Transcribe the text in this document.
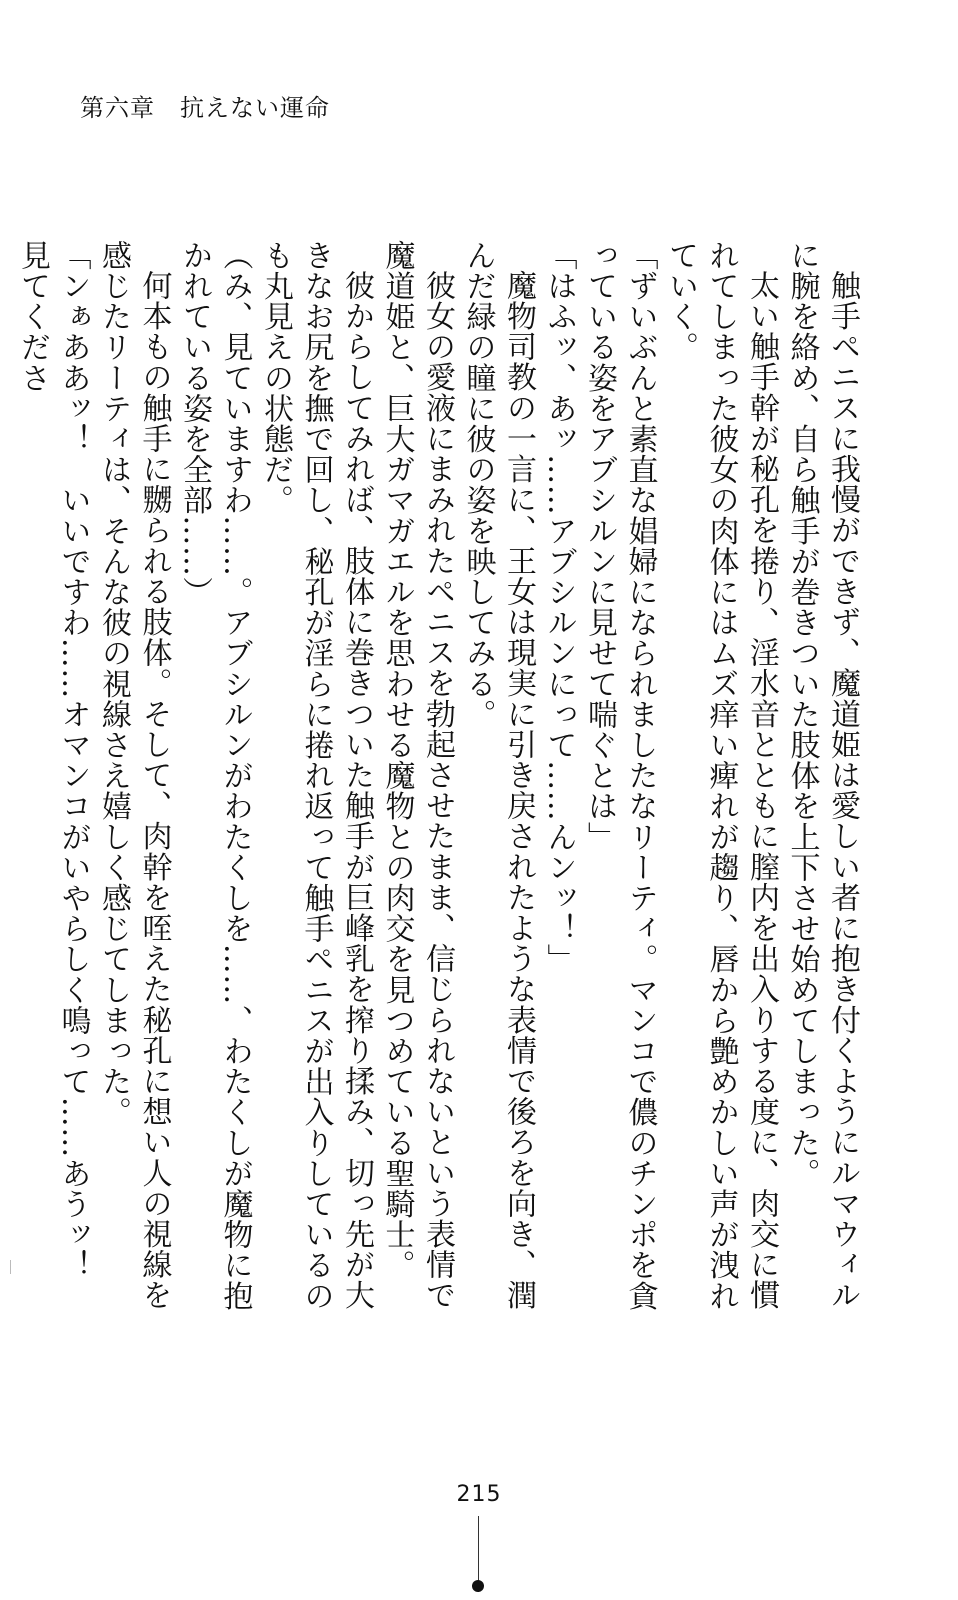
第六章　抗えない運命

触手ペニスに我慢ができず、魔道姫は愛しい者に抱き付くようにルマウィルに腕を絡め、自ら触手が巻きついた肢体を上下させ始めてしまった。

太い触手幹が秘孔を捲り、淫水音とともに膣内を出入りする度に、肉交に慣れてしまった彼女の肉体にはムズ痒い痺れが趨り、唇から艶めかしい声が洩れていく。

「ずいぶんと素直な娼婦になられましたなリーティ。マンコで儂のチンポを貪っている姿をアブシルンに見せて喘ぐとは」

「はふッ、あッ……アブシルンにって……んンッ！」

魔物司教の一言に、王女は現実に引き戻されたような表情で後ろを向き、潤んだ緑の瞳に彼の姿を映してみる。

彼女の愛液にまみれたペニスを勃起させたまま、信じられないという表情で魔道姫と、巨大ガマガエルを思わせる魔物との肉交を見つめている聖騎士。

彼からしてみれば、肢体に巻きついた触手が巨峰乳を搾り揉み、切っ先が大きなお尻を撫で回し、秘孔が淫らに捲れ返って触手ペニスが出入りしているのも丸見えの状態だ。

（み、見ていますわ……。アブシルンがわたくしを……、わたくしが魔物に抱かれている姿を全部……）

何本もの触手に嬲られる肢体。そして、肉幹を咥えた秘孔に想い人の視線を感じたリーティは、そんな彼の視線さえ嬉しく感じてしまった。

「ンぁああッ！　いいですわ……オマンコがいやらしく鳴って……あうッ！　見てくださ

215
